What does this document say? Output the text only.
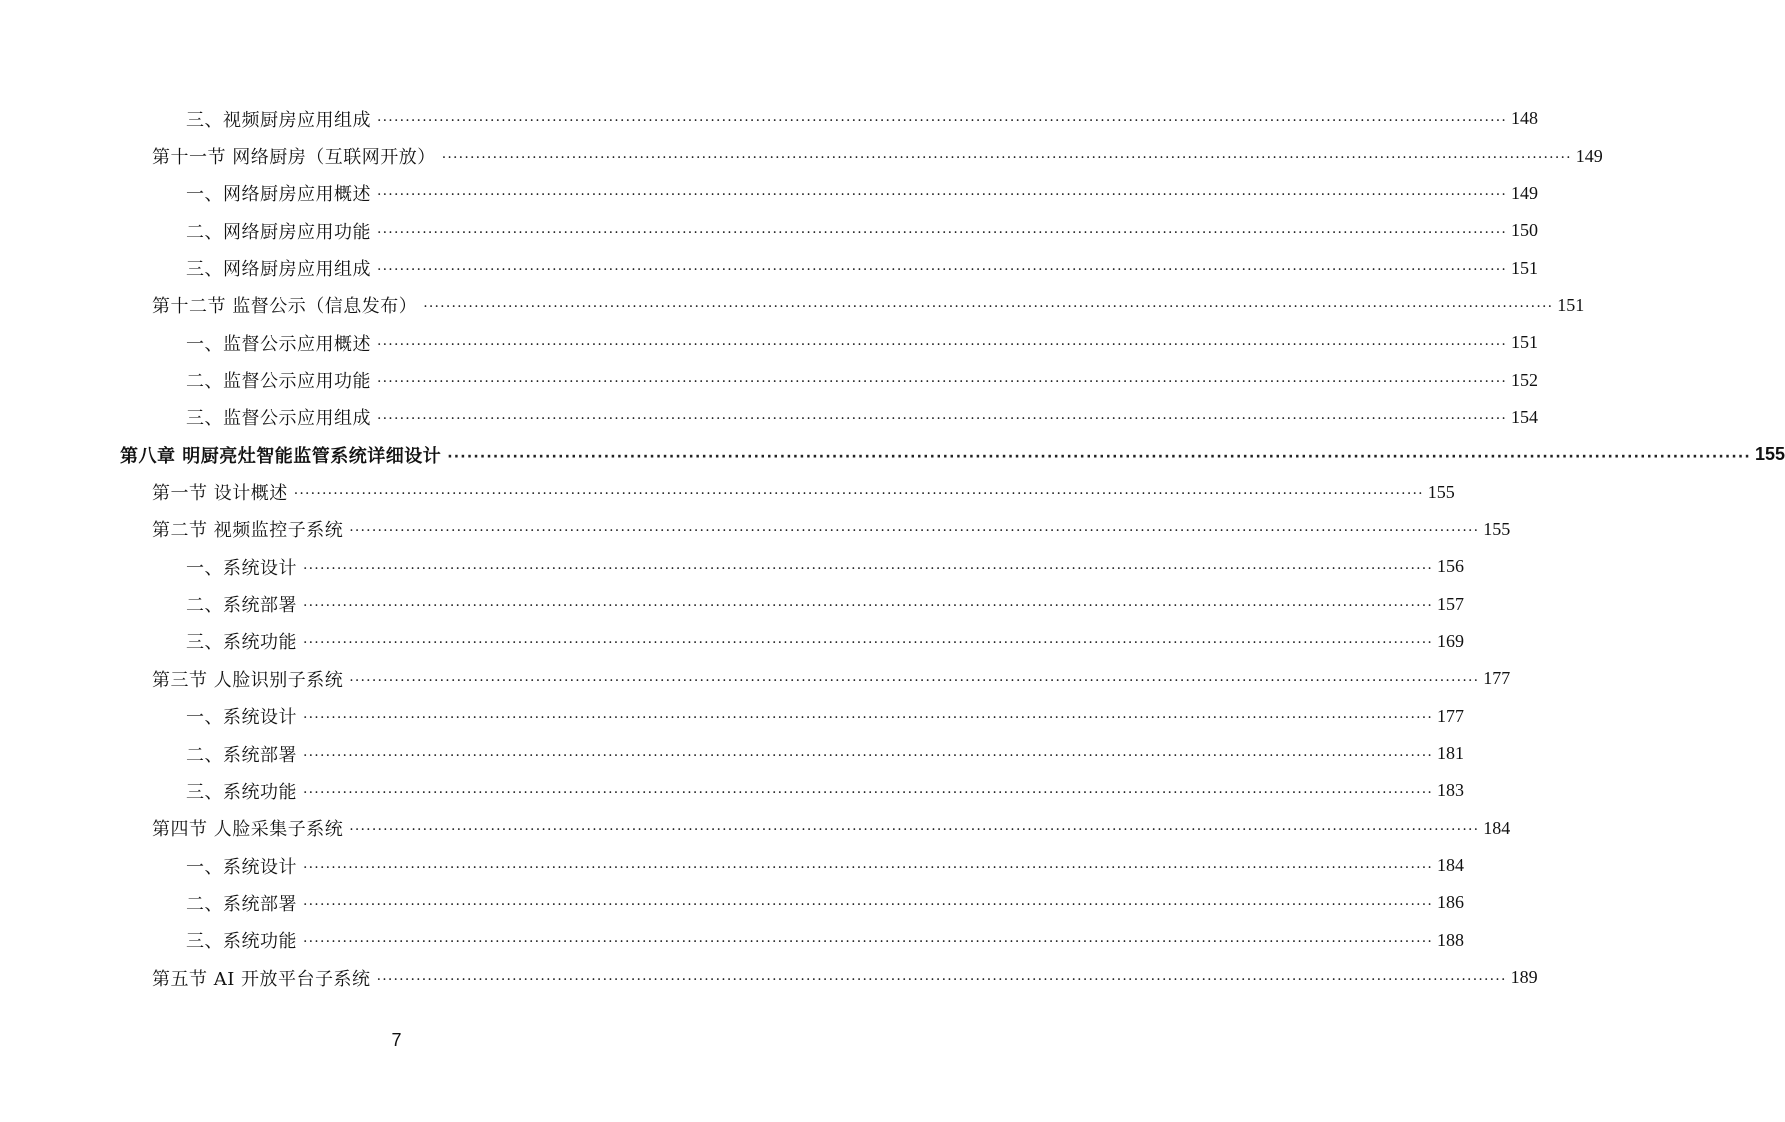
三、视频厨房应用组成 ········································································································································································································ 148
第十一节 网络厨房（互联网开放） ········································································································································································································ 149
一、网络厨房应用概述 ········································································································································································································ 149
二、网络厨房应用功能 ········································································································································································································ 150
三、网络厨房应用组成 ········································································································································································································ 151
第十二节 监督公示（信息发布） ········································································································································································································ 151
一、监督公示应用概述 ········································································································································································································ 151
二、监督公示应用功能 ········································································································································································································ 152
三、监督公示应用组成 ········································································································································································································ 154
第八章 明厨亮灶智能监管系统详细设计 ········································································································································································································ 155
第一节 设计概述 ········································································································································································································ 155
第二节 视频监控子系统 ········································································································································································································ 155
一、系统设计 ········································································································································································································ 156
二、系统部署 ········································································································································································································ 157
三、系统功能 ········································································································································································································ 169
第三节 人脸识别子系统 ········································································································································································································ 177
一、系统设计 ········································································································································································································ 177
二、系统部署 ········································································································································································································ 181
三、系统功能 ········································································································································································································ 183
第四节 人脸采集子系统 ········································································································································································································ 184
一、系统设计 ········································································································································································································ 184
二、系统部署 ········································································································································································································ 186
三、系统功能 ········································································································································································································ 188
第五节 AI 开放平台子系统 ········································································································································································································ 189
7
